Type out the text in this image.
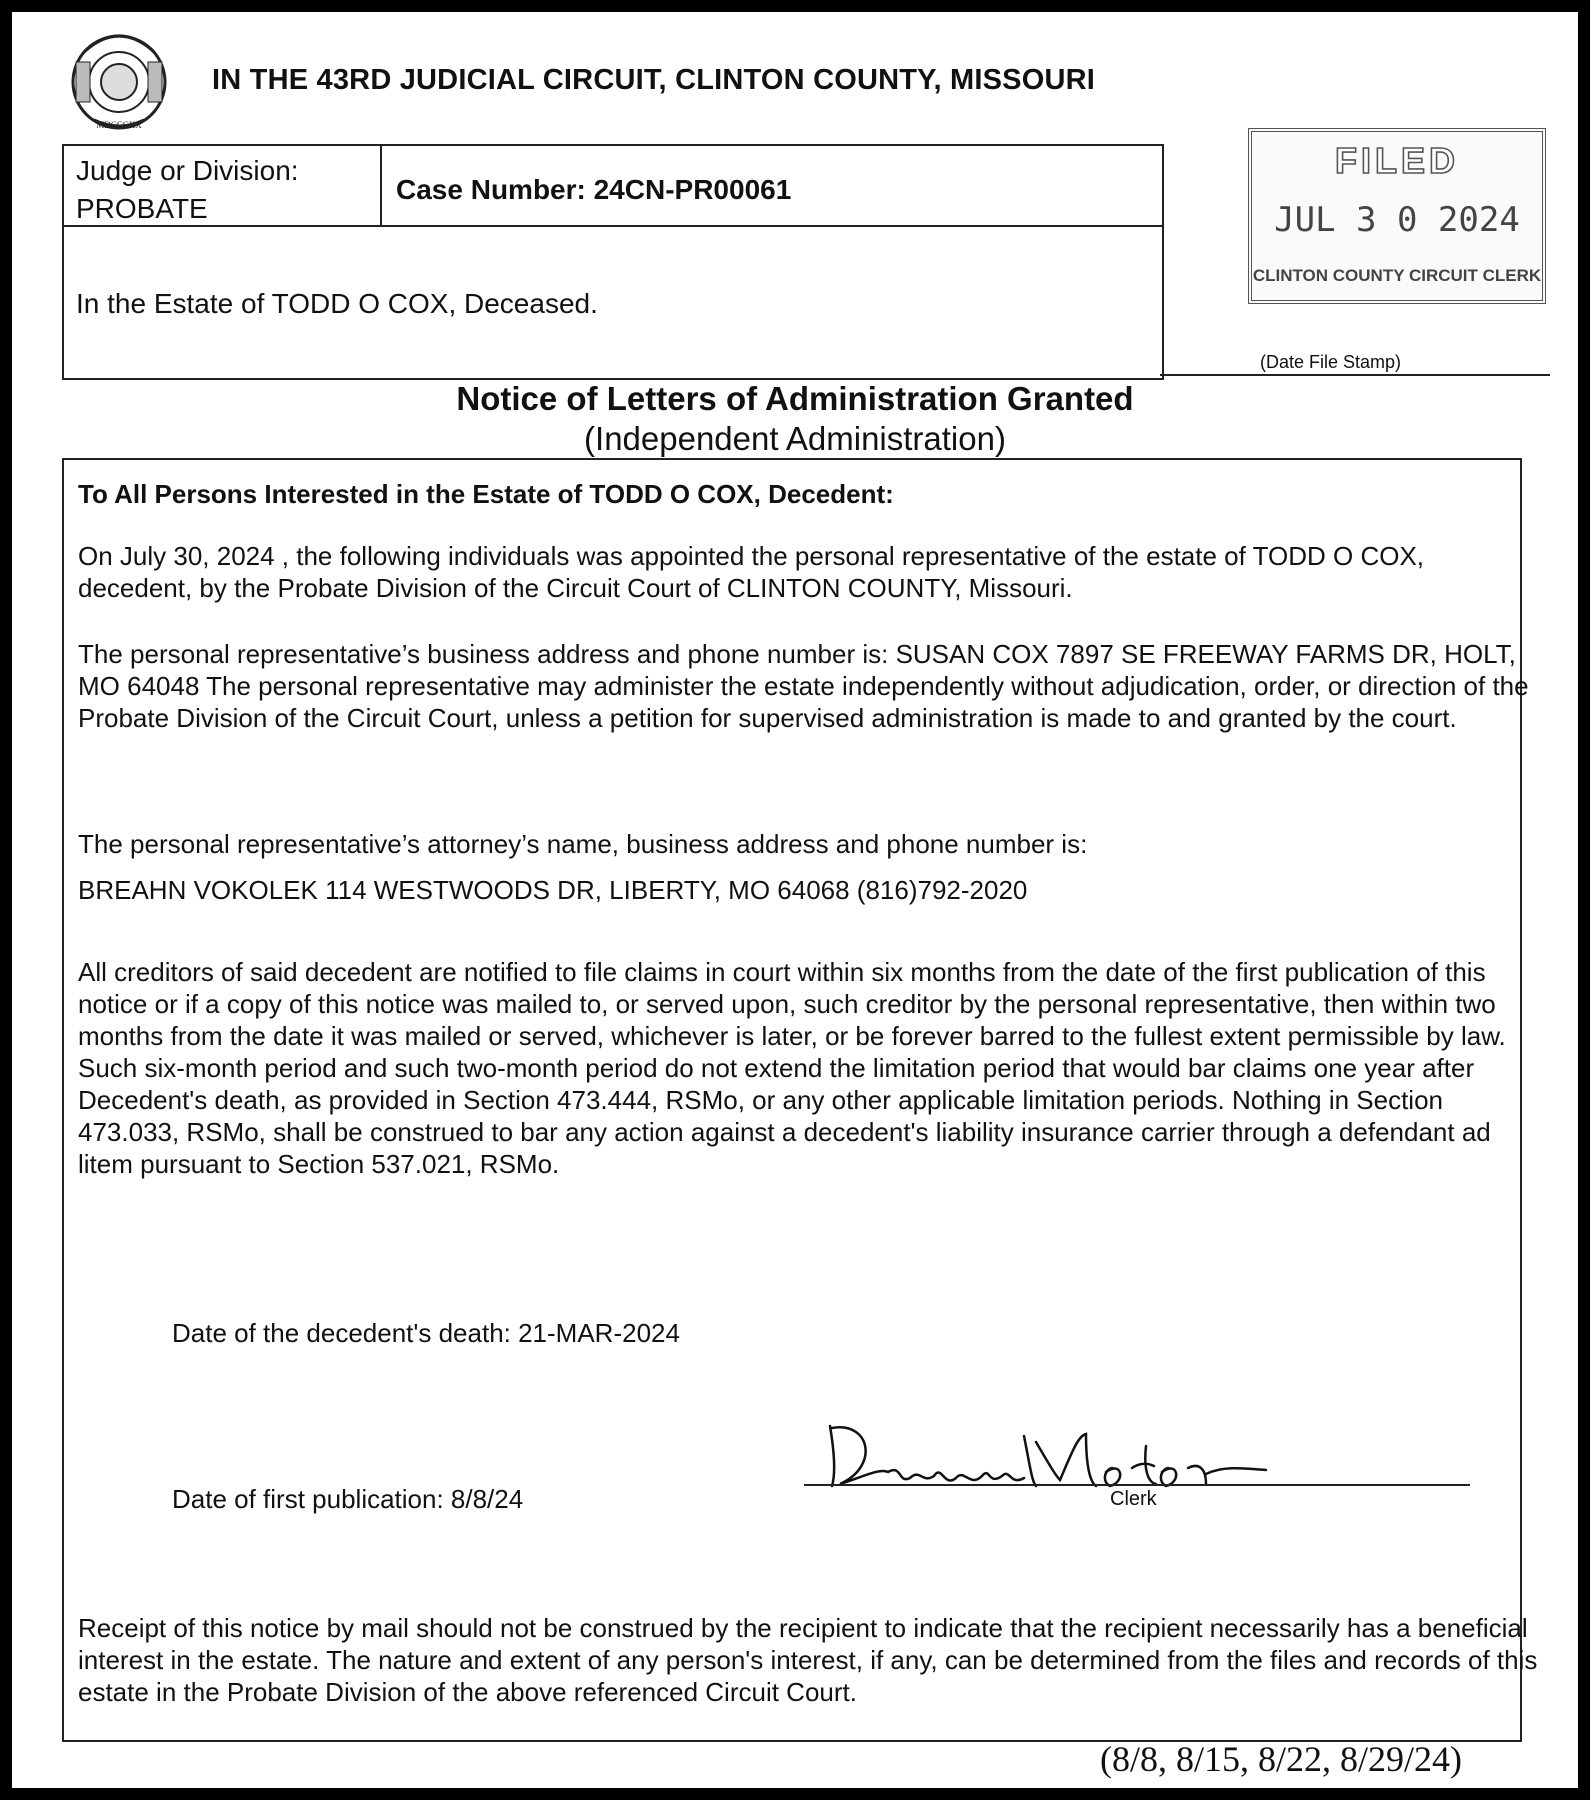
MDCCCXX
IN THE 43RD JUDICIAL CIRCUIT, CLINTON COUNTY, MISSOURI
Judge or Division:
PROBATE
Case Number: 24CN-PR00061
In the Estate of TODD O COX, Deceased.
FILED
JUL 3 0 2024
CLINTON COUNTY CIRCUIT CLERK
(Date File Stamp)
Notice of Letters of Administration Granted
(Independent Administration)
To All Persons Interested in the Estate of TODD O COX, Decedent:
On July 30, 2024 , the following individuals was appointed the personal representative of the estate of TODD O COX, decedent, by the Probate Division of the Circuit Court of CLINTON COUNTY, Missouri.
The personal representative’s business address and phone number is: SUSAN COX 7897 SE FREEWAY FARMS DR, HOLT, MO 64048 The personal representative may administer the estate independently without adjudication, order, or direction of the Probate Division of the Circuit Court, unless a petition for supervised administration is made to and granted by the court.
The personal representative’s attorney’s name, business address and phone number is:
BREAHN VOKOLEK 114 WESTWOODS DR, LIBERTY, MO 64068 (816)792-2020
All creditors of said decedent are notified to file claims in court within six months from the date of the first publication of this notice or if a copy of this notice was mailed to, or served upon, such creditor by the personal representative, then within two months from the date it was mailed or served, whichever is later, or be forever barred to the fullest extent permissible by law. Such six-month period and such two-month period do not extend the limitation period that would bar claims one year after Decedent's death, as provided in Section 473.444, RSMo, or any other applicable limitation periods. Nothing in Section 473.033, RSMo, shall be construed to bar any action against a decedent's liability insurance carrier through a defendant ad litem pursuant to Section 537.021, RSMo.
Date of the decedent's death: 21-MAR-2024
Date of first publication: 8/8/24	Clerk
Receipt of this notice by mail should not be construed by the recipient to indicate that the recipient necessarily has a beneficial interest in the estate. The nature and extent of any person's interest, if any, can be determined from the files and records of this estate in the Probate Division of the above referenced Circuit Court.
(8/8, 8/15, 8/22, 8/29/24)
